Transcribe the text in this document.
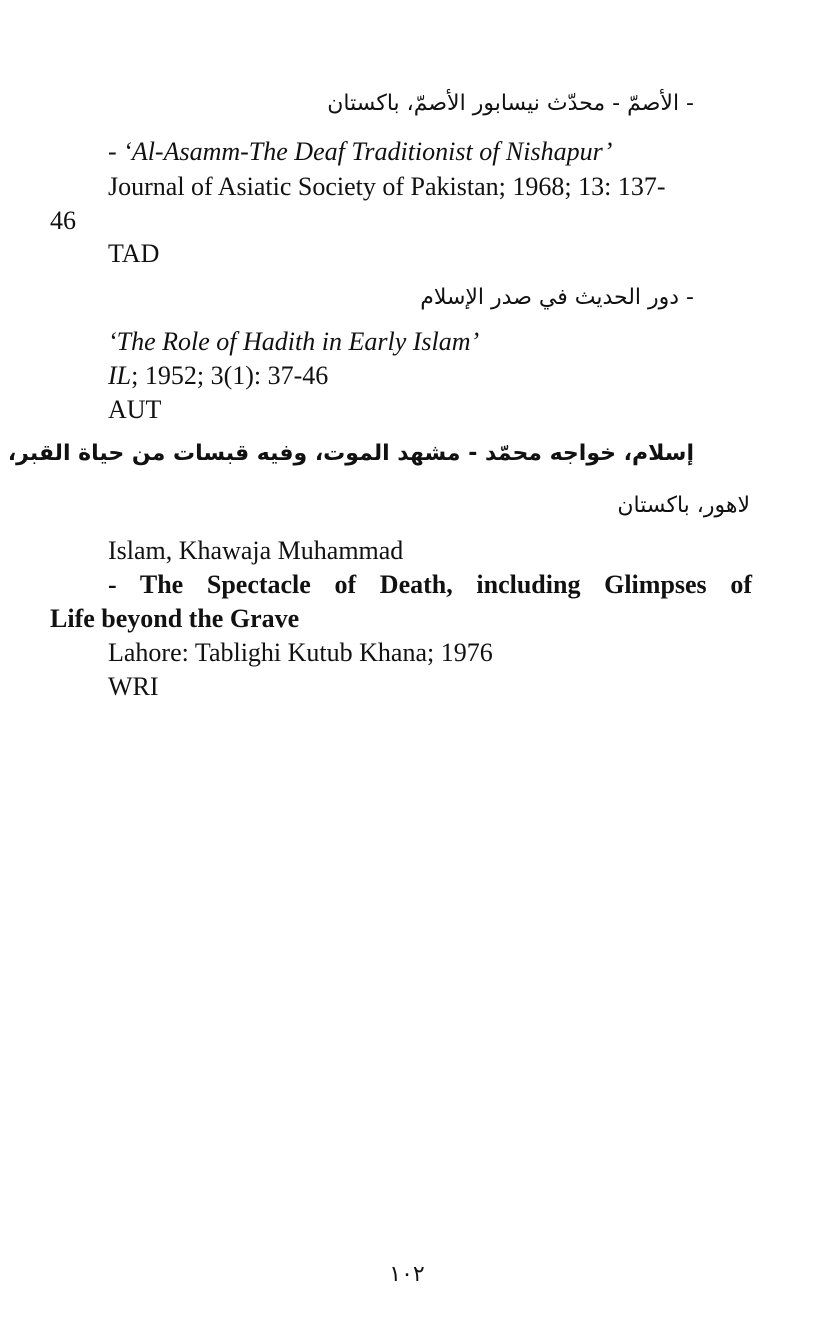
- الأصمّ - محدّث نيسابور الأصمّ، باكستان
- ‘Al-Asamm-The Deaf Traditionist of Nishapur’
Journal of Asiatic Society of Pakistan; 1968; 13: 137-
46
TAD
- دور الحديث في صدر الإسلام
‘The Role of Hadith in Early Islam’
IL; 1952; 3(1): 37-46
AUT
إسلام، خواجه محمّد - مشهد الموت، وفيه قبسات من حياة القبر،
لاهور، باكستان
Islam, Khawaja Muhammad
- The Spectacle of Death, including Glimpses of
Life beyond the Grave
Lahore: Tablighi Kutub Khana; 1976
WRI
١٠٢
